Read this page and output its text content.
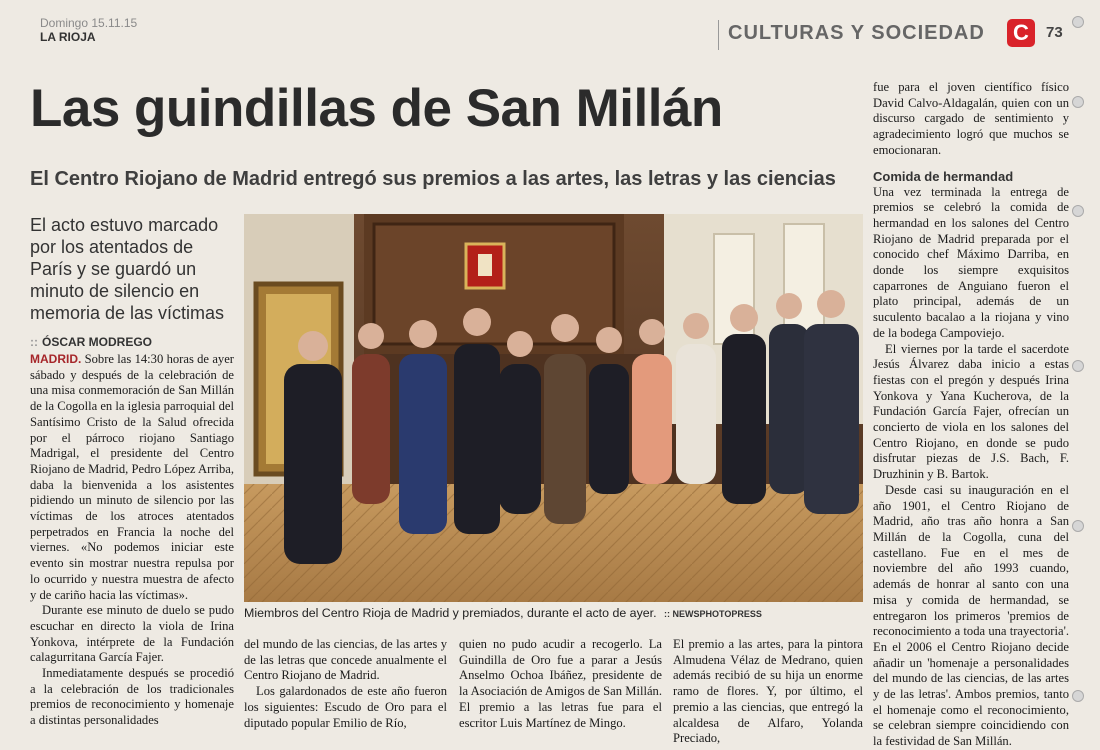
Domingo 15.11.15
LA RIOJA	CULTURAS Y SOCIEDAD C	73
Las guindillas de San Millán
El Centro Riojano de Madrid entregó sus premios a las artes, las letras y las ciencias
El acto estuvo marcado por los atentados de París y se guardó un minuto de silencio en memoria de las víctimas
:: ÓSCAR MODREGO

MADRID. Sobre las 14:30 horas de ayer sábado y después de la celebración de una misa conmemoración de San Millán de la Cogolla en la iglesia parroquial del Santísimo Cristo de la Salud ofrecida por el párroco riojano Santiago Madrigal, el presidente del Centro Riojano de Madrid, Pedro López Arriba, daba la bienvenida a los asistentes pidiendo un minuto de silencio por las víctimas de los atroces atentados perpetrados en Francia la noche del viernes. «No podemos iniciar este evento sin mostrar nuestra repulsa por lo ocurrido y nuestra muestra de afecto y de cariño hacia las víctimas».

Durante ese minuto de duelo se pudo escuchar en directo la viola de Irina Yonkova, intérprete de la Fundación calagurritana García Fajer.

Inmediatamente después se procedió a la celebración de los tradicionales premios de reconocimiento y homenaje a distintas personalidades

Miembros del Centro Rioja de Madrid y premiados, durante el acto de ayer. :: NEWSPHOTOPRESS

del mundo de las ciencias, de las artes y de las letras que concede anualmente el Centro Riojano de Madrid.

Los galardonados de este año fueron los siguientes: Escudo de Oro para el diputado popular Emilio de Río,

quien no pudo acudir a recogerlo. La Guindilla de Oro fue a parar a Jesús Anselmo Ochoa Ibáñez, presidente de la Asociación de Amigos de San Millán. El premio a las letras fue para el escritor Luis Martínez de Mingo.

El premio a las artes, para la pintora Almudena Vélaz de Medrano, quien además recibió de su hija un enorme ramo de flores. Y, por último, el premio a las ciencias, que entregó la alcaldesa de Alfaro, Yolanda Preciado,

fue para el joven científico físico David Calvo-Aldagalán, quien con un discurso cargado de sentimiento y agradecimiento logró que muchos se emocionaran.

Comida de hermandad

Una vez terminada la entrega de premios se celebró la comida de hermandad en los salones del Centro Riojano de Madrid preparada por el conocido chef Máximo Darriba, en donde los siempre exquisitos caparrones de Anguiano fueron el plato principal, además de un suculento bacalao a la riojana y vino de la bodega Campoviejo.

El viernes por la tarde el sacerdote Jesús Álvarez daba inicio a estas fiestas con el pregón y después Irina Yonkova y Yana Kucherova, de la Fundación García Fajer, ofrecían un concierto de viola en los salones del Centro Riojano, en donde se pudo disfrutar piezas de J.S. Bach, F. Druzhinin y B. Bartok.

Desde casi su inauguración en el año 1901, el Centro Riojano de Madrid, año tras año honra a San Millán de la Cogolla, cuna del castellano. Fue en el mes de noviembre del año 1993 cuando, además de honrar al santo con una misa y comida de hermandad, se entregaron los primeros 'premios de reconocimiento a toda una trayectoria'. En el 2006 el Centro Riojano decide añadir un 'homenaje a personalidades del mundo de las ciencias, de las artes y de las letras'. Ambos premios, tanto el homenaje como el reconocimiento, se celebran siempre coincidiendo con la festividad de San Millán.
